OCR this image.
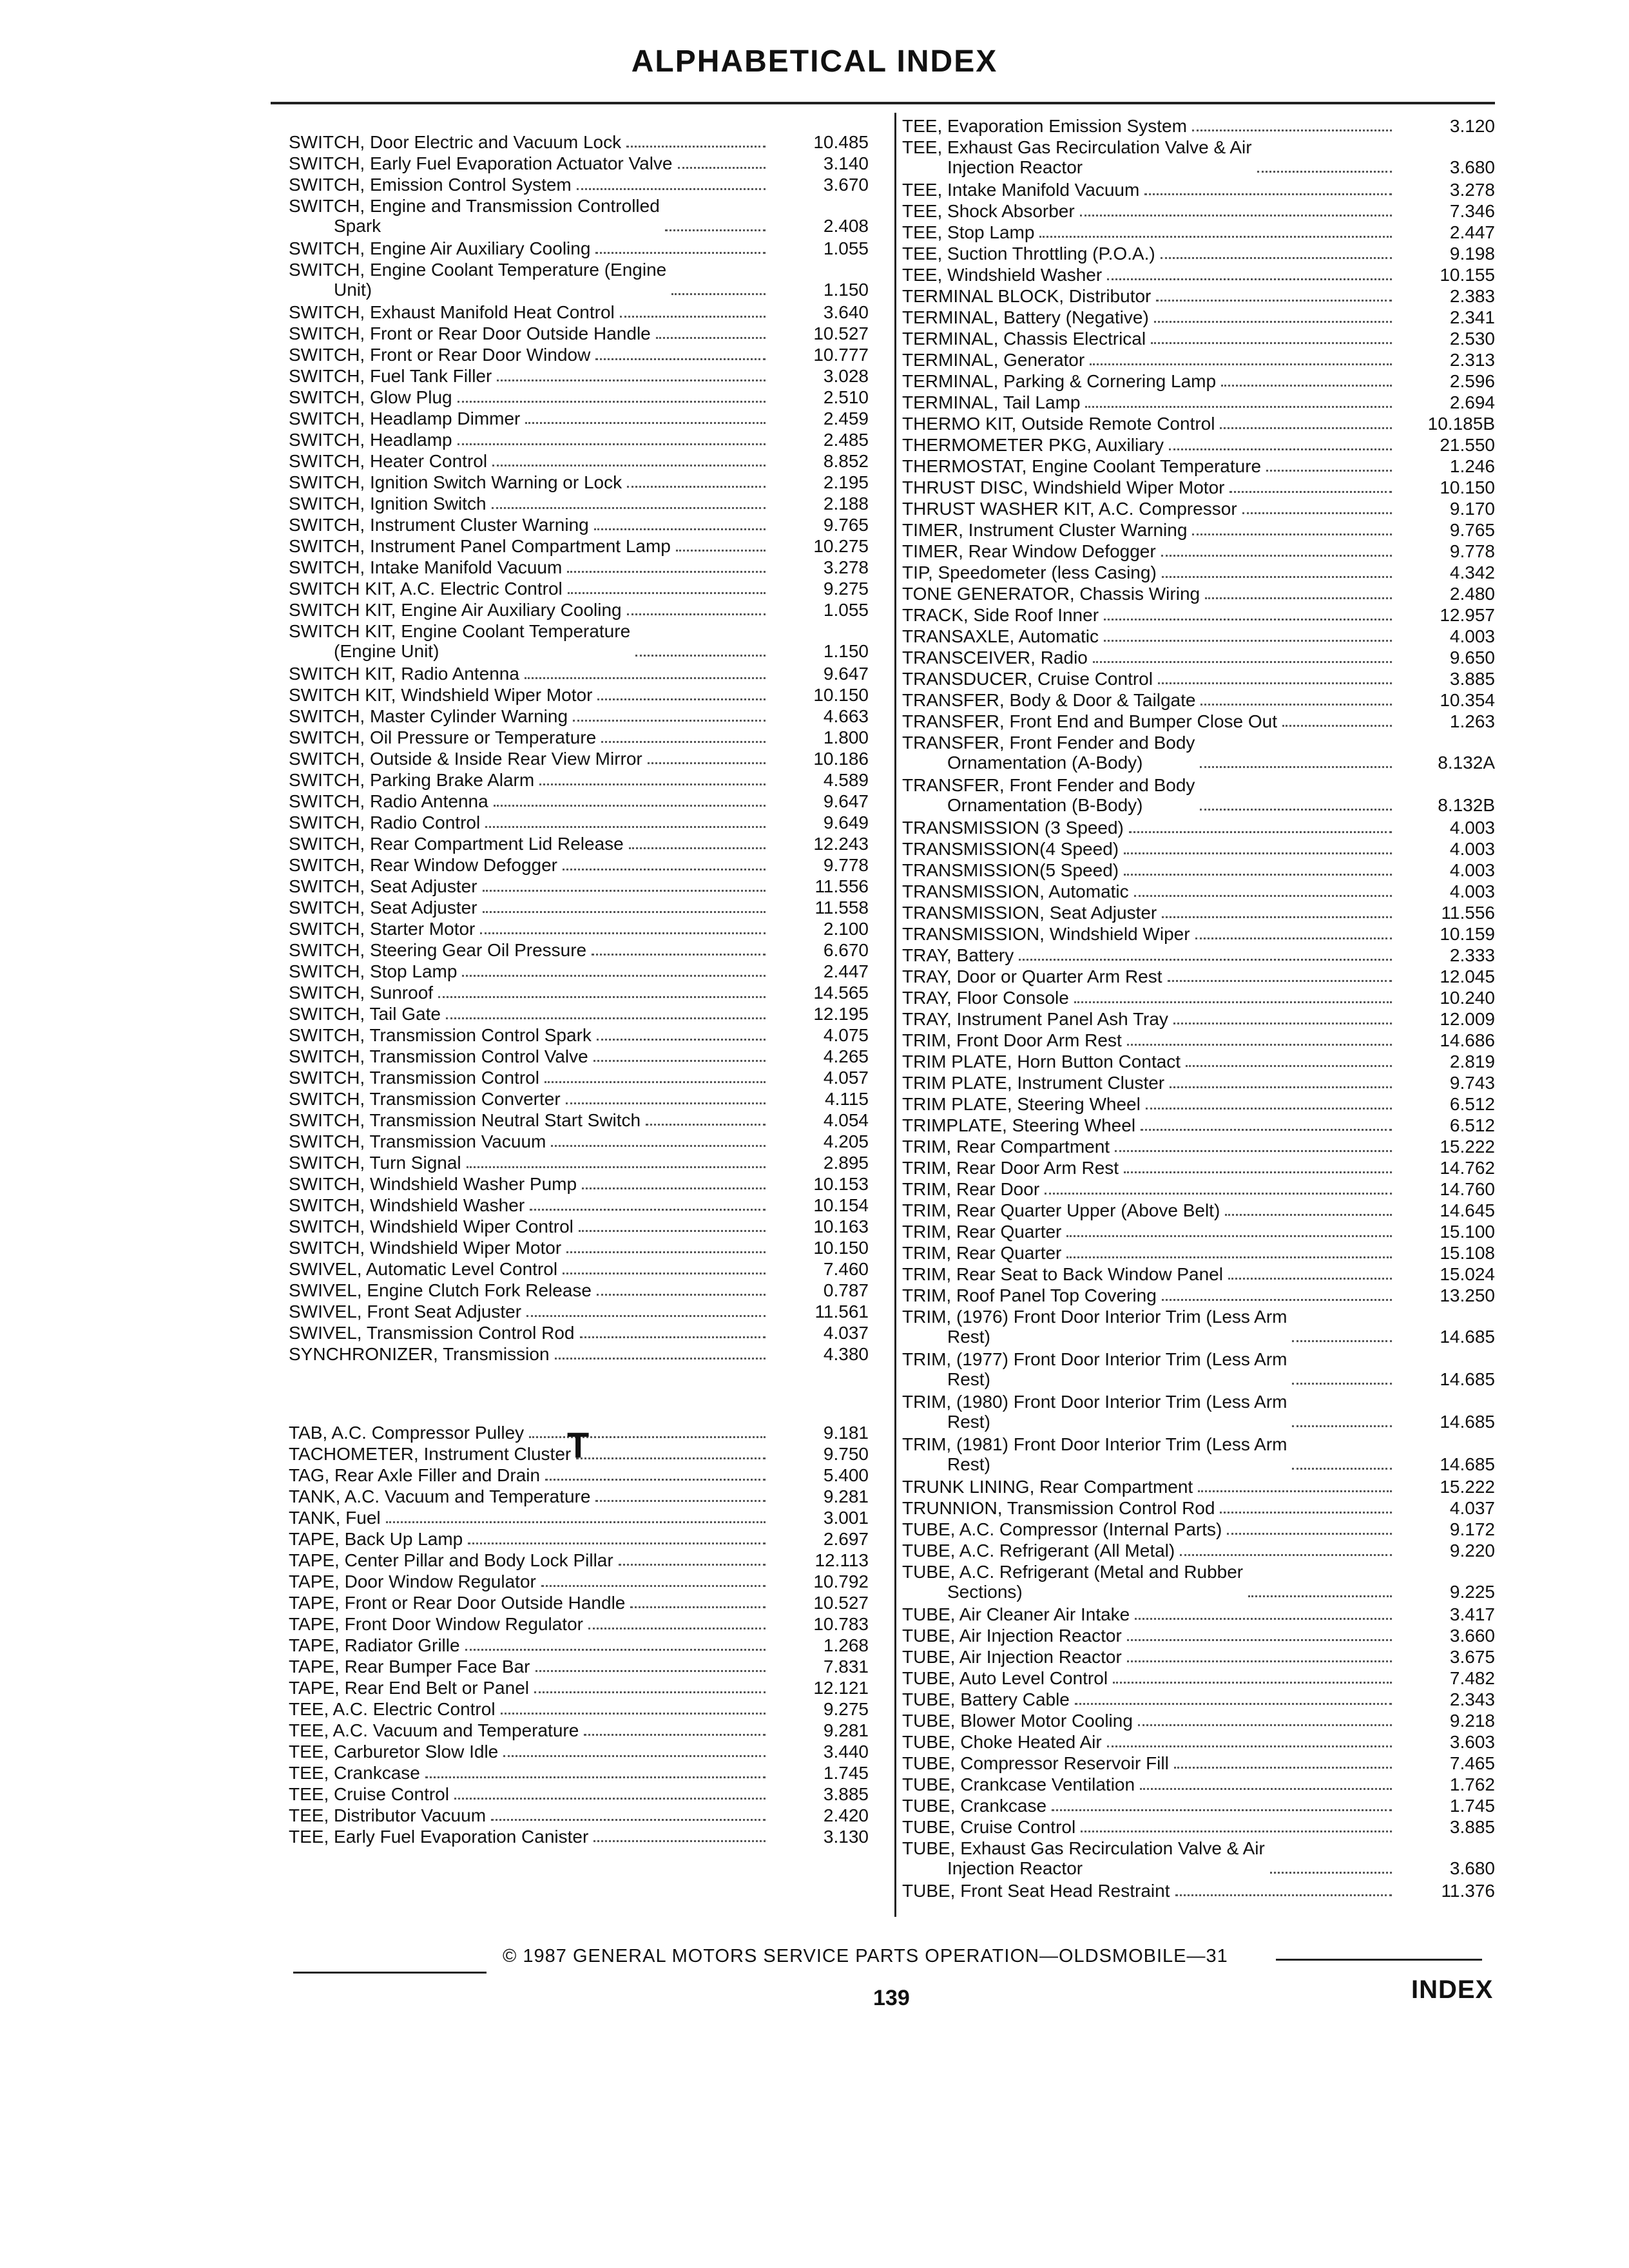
ALPHABETICAL INDEX
SWITCH, Door Electric and Vacuum Lock	10.485
SWITCH, Early Fuel Evaporation Actuator Valve	3.140
SWITCH, Emission Control System	3.670
SWITCH, Engine and Transmission Controlled
Spark	2.408
SWITCH, Engine Air Auxiliary Cooling	1.055
SWITCH, Engine Coolant Temperature (Engine
Unit)	1.150
SWITCH, Exhaust Manifold Heat Control	3.640
SWITCH, Front or Rear Door Outside Handle	10.527
SWITCH, Front or Rear Door Window	10.777
SWITCH, Fuel Tank Filler	3.028
SWITCH, Glow Plug	2.510
SWITCH, Headlamp Dimmer	2.459
SWITCH, Headlamp	2.485
SWITCH, Heater Control	8.852
SWITCH, Ignition Switch Warning or Lock	2.195
SWITCH, Ignition Switch	2.188
SWITCH, Instrument Cluster Warning	9.765
SWITCH, Instrument Panel Compartment Lamp	10.275
SWITCH, Intake Manifold Vacuum	3.278
SWITCH KIT, A.C. Electric Control	9.275
SWITCH KIT, Engine Air Auxiliary Cooling	1.055
SWITCH KIT, Engine Coolant Temperature
(Engine Unit)	1.150
SWITCH KIT, Radio Antenna	9.647
SWITCH KIT, Windshield Wiper Motor	10.150
SWITCH, Master Cylinder Warning	4.663
SWITCH, Oil Pressure or Temperature	1.800
SWITCH, Outside & Inside Rear View Mirror	10.186
SWITCH, Parking Brake Alarm	4.589
SWITCH, Radio Antenna	9.647
SWITCH, Radio Control	9.649
SWITCH, Rear Compartment Lid Release	12.243
SWITCH, Rear Window Defogger	9.778
SWITCH, Seat Adjuster	11.556
SWITCH, Seat Adjuster	11.558
SWITCH, Starter Motor	2.100
SWITCH, Steering Gear Oil Pressure	6.670
SWITCH, Stop Lamp	2.447
SWITCH, Sunroof	14.565
SWITCH, Tail Gate	12.195
SWITCH, Transmission Control Spark	4.075
SWITCH, Transmission Control Valve	4.265
SWITCH, Transmission Control	4.057
SWITCH, Transmission Converter	4.115
SWITCH, Transmission Neutral Start Switch	4.054
SWITCH, Transmission Vacuum	4.205
SWITCH, Turn Signal	2.895
SWITCH, Windshield Washer Pump	10.153
SWITCH, Windshield Washer	10.154
SWITCH, Windshield Wiper Control	10.163
SWITCH, Windshield Wiper Motor	10.150
SWIVEL, Automatic Level Control	7.460
SWIVEL, Engine Clutch Fork Release	0.787
SWIVEL, Front Seat Adjuster	11.561
SWIVEL, Transmission Control Rod	4.037
SYNCHRONIZER, Transmission	4.380
TAB, A.C. Compressor Pulley	9.181
TACHOMETER, Instrument Cluster	9.750
TAG, Rear Axle Filler and Drain	5.400
TANK, A.C. Vacuum and Temperature	9.281
TANK, Fuel	3.001
TAPE, Back Up Lamp	2.697
TAPE, Center Pillar and Body Lock Pillar	12.113
TAPE, Door Window Regulator	10.792
TAPE, Front or Rear Door Outside Handle	10.527
TAPE, Front Door Window Regulator	10.783
TAPE, Radiator Grille	1.268
TAPE, Rear Bumper Face Bar	7.831
TAPE, Rear End Belt or Panel	12.121
TEE, A.C. Electric Control	9.275
TEE, A.C. Vacuum and Temperature	9.281
TEE, Carburetor Slow Idle	3.440
TEE, Crankcase	1.745
TEE, Cruise Control	3.885
TEE, Distributor Vacuum	2.420
TEE, Early Fuel Evaporation Canister	3.130
TEE, Evaporation Emission System	3.120
TEE, Exhaust Gas Recirculation Valve & Air
Injection Reactor	3.680
TEE, Intake Manifold Vacuum	3.278
TEE, Shock Absorber	7.346
TEE, Stop Lamp	2.447
TEE, Suction Throttling (P.O.A.)	9.198
TEE, Windshield Washer	10.155
TERMINAL BLOCK, Distributor	2.383
TERMINAL, Battery (Negative)	2.341
TERMINAL, Chassis Electrical	2.530
TERMINAL, Generator	2.313
TERMINAL, Parking & Cornering Lamp	2.596
TERMINAL, Tail Lamp	2.694
THERMO KIT, Outside Remote Control	10.185B
THERMOMETER PKG, Auxiliary	21.550
THERMOSTAT, Engine Coolant Temperature	1.246
THRUST DISC, Windshield Wiper Motor	10.150
THRUST WASHER KIT, A.C. Compressor	9.170
TIMER, Instrument Cluster Warning	9.765
TIMER, Rear Window Defogger	9.778
TIP, Speedometer (less Casing)	4.342
TONE GENERATOR, Chassis Wiring	2.480
TRACK, Side Roof Inner	12.957
TRANSAXLE, Automatic	4.003
TRANSCEIVER, Radio	9.650
TRANSDUCER, Cruise Control	3.885
TRANSFER, Body & Door & Tailgate	10.354
TRANSFER, Front End and Bumper Close Out	1.263
TRANSFER, Front Fender and Body
Ornamentation (A-Body)	8.132A
TRANSFER, Front Fender and Body
Ornamentation (B-Body)	8.132B
TRANSMISSION (3 Speed)	4.003
TRANSMISSION(4 Speed)	4.003
TRANSMISSION(5 Speed)	4.003
TRANSMISSION, Automatic	4.003
TRANSMISSION, Seat Adjuster	11.556
TRANSMISSION, Windshield Wiper	10.159
TRAY, Battery	2.333
TRAY, Door or Quarter Arm Rest	12.045
TRAY, Floor Console	10.240
TRAY, Instrument Panel Ash Tray	12.009
TRIM, Front Door Arm Rest	14.686
TRIM PLATE, Horn Button Contact	2.819
TRIM PLATE, Instrument Cluster	9.743
TRIM PLATE, Steering Wheel	6.512
TRIMPLATE, Steering Wheel	6.512
TRIM, Rear Compartment	15.222
TRIM, Rear Door Arm Rest	14.762
TRIM, Rear Door	14.760
TRIM, Rear Quarter Upper (Above Belt)	14.645
TRIM, Rear Quarter	15.100
TRIM, Rear Quarter	15.108
TRIM, Rear Seat to Back Window Panel	15.024
TRIM, Roof Panel Top Covering	13.250
TRIM, (1976) Front Door Interior Trim (Less Arm
Rest)	14.685
TRIM, (1977) Front Door Interior Trim (Less Arm
Rest)	14.685
TRIM, (1980) Front Door Interior Trim (Less Arm
Rest)	14.685
TRIM, (1981) Front Door Interior Trim (Less Arm
Rest)	14.685
TRUNK LINING, Rear Compartment	15.222
TRUNNION, Transmission Control Rod	4.037
TUBE, A.C. Compressor (Internal Parts)	9.172
TUBE, A.C. Refrigerant (All Metal)	9.220
TUBE, A.C. Refrigerant (Metal and Rubber
Sections)	9.225
TUBE, Air Cleaner Air Intake	3.417
TUBE, Air Injection Reactor	3.660
TUBE, Air Injection Reactor	3.675
TUBE, Auto Level Control	7.482
TUBE, Battery Cable	2.343
TUBE, Blower Motor Cooling	9.218
TUBE, Choke Heated Air	3.603
TUBE, Compressor Reservoir Fill	7.465
TUBE, Crankcase Ventilation	1.762
TUBE, Crankcase	1.745
TUBE, Cruise Control	3.885
TUBE, Exhaust Gas Recirculation Valve & Air
Injection Reactor	3.680
TUBE, Front Seat Head Restraint	11.376
T
© 1987 GENERAL MOTORS SERVICE PARTS OPERATION—OLDSMOBILE—31
139	INDEX
